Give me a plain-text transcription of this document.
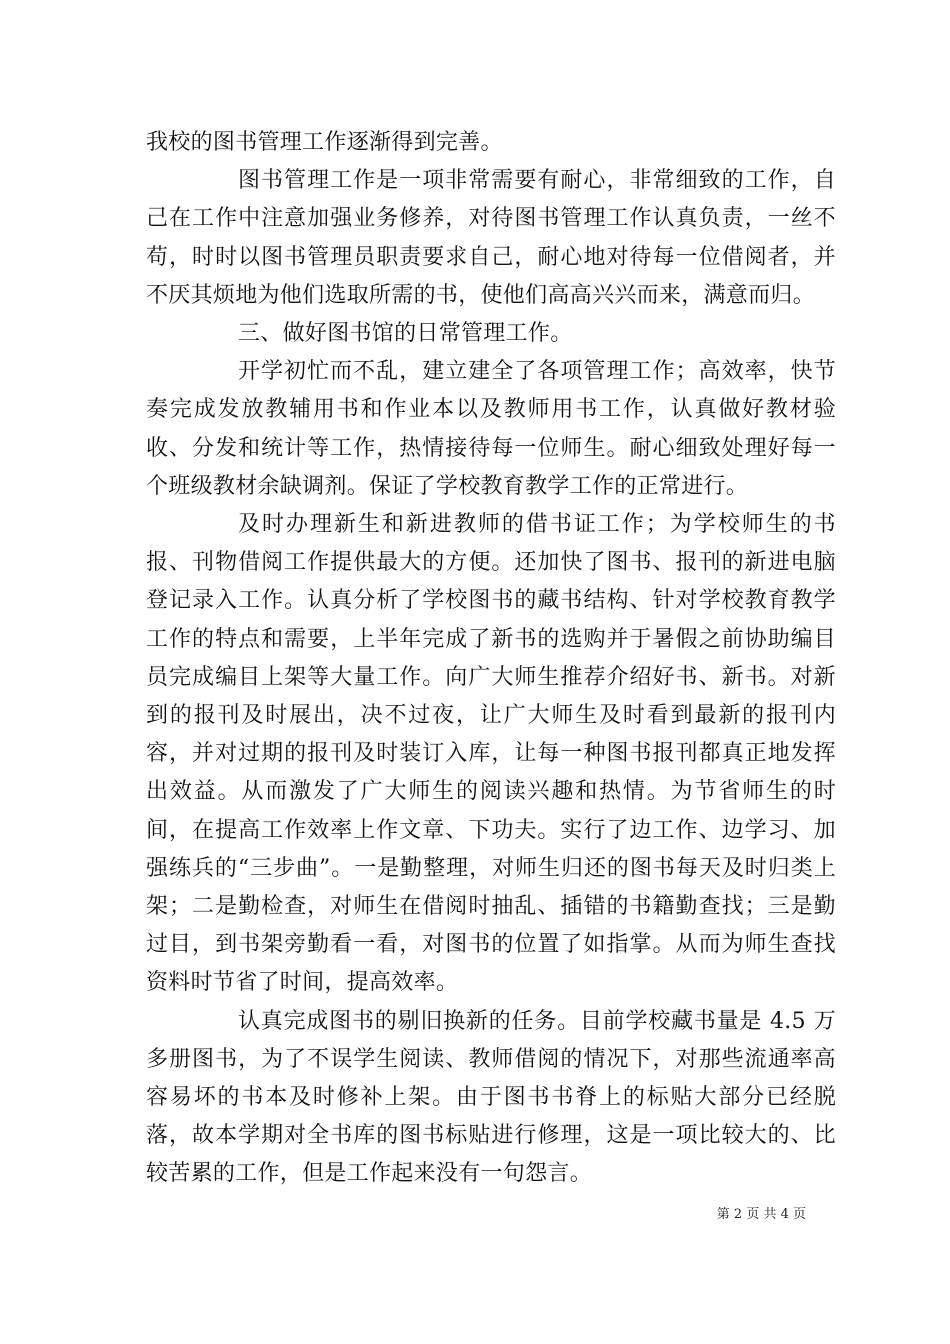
我校的图书管理工作逐渐得到完善。

图书管理工作是一项非常需要有耐心，非常细致的工作，自己在工作中注意加强业务修养，对待图书管理工作认真负责，一丝不苟，时时以图书管理员职责要求自己，耐心地对待每一位借阅者，并不厌其烦地为他们选取所需的书，使他们高高兴兴而来，满意而归。

三、做好图书馆的日常管理工作。

开学初忙而不乱，建立建全了各项管理工作；高效率，快节奏完成发放教辅用书和作业本以及教师用书工作，认真做好教材验收、分发和统计等工作，热情接待每一位师生。耐心细致处理好每一个班级教材余缺调剂。保证了学校教育教学工作的正常进行。

及时办理新生和新进教师的借书证工作；为学校师生的书报、刊物借阅工作提供最大的方便。还加快了图书、报刊的新进电脑登记录入工作。认真分析了学校图书的藏书结构、针对学校教育教学工作的特点和需要，上半年完成了新书的选购并于暑假之前协助编目员完成编目上架等大量工作。向广大师生推荐介绍好书、新书。对新到的报刊及时展出，决不过夜，让广大师生及时看到最新的报刊内容，并对过期的报刊及时装订入库，让每一种图书报刊都真正地发挥出效益。从而激发了广大师生的阅读兴趣和热情。为节省师生的时间，在提高工作效率上作文章、下功夫。实行了边工作、边学习、加强练兵的“三步曲”。一是勤整理，对师生归还的图书每天及时归类上架；二是勤检查，对师生在借阅时抽乱、插错的书籍勤查找；三是勤过目，到书架旁勤看一看，对图书的位置了如指掌。从而为师生查找资料时节省了时间，提高效率。

认真完成图书的剔旧换新的任务。目前学校藏书量是 4.5 万多册图书，为了不误学生阅读、教师借阅的情况下，对那些流通率高容易坏的书本及时修补上架。由于图书书脊上的标贴大部分已经脱落，故本学期对全书库的图书标贴进行修理，这是一项比较大的、比较苦累的工作，但是工作起来没有一句怨言。

第 2 页 共 4 页
